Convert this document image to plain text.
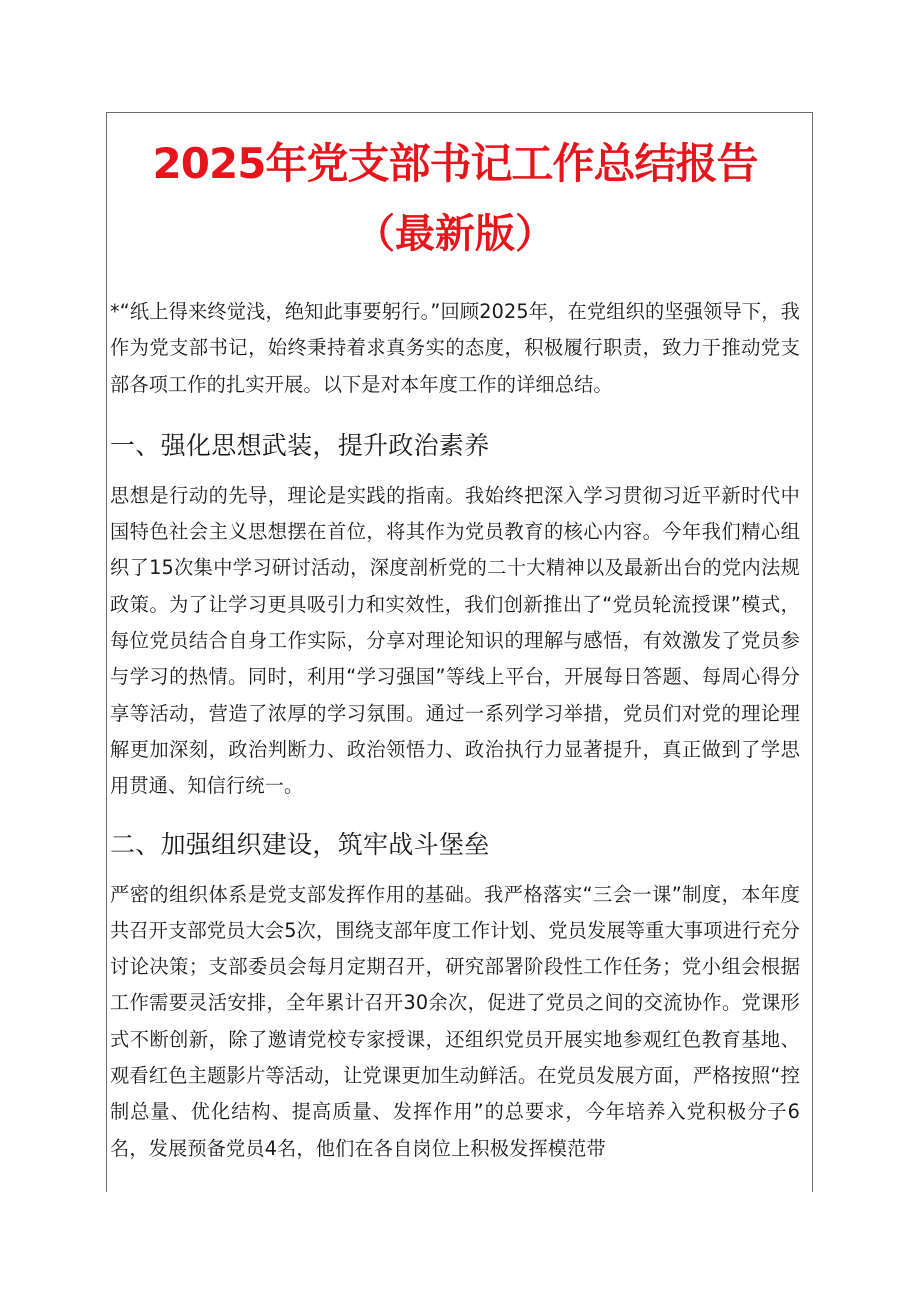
2025年党支部书记工作总结报告
（最新版）

*“纸上得来终觉浅，绝知此事要躬行。”回顾2025年，在党组织的坚强领导下，我作为党支部书记，始终秉持着求真务实的态度，积极履行职责，致力于推动党支部各项工作的扎实开展。以下是对本年度工作的详细总结。

一、强化思想武装，提升政治素养

思想是行动的先导，理论是实践的指南。我始终把深入学习贯彻习近平新时代中国特色社会主义思想摆在首位，将其作为党员教育的核心内容。今年我们精心组织了15次集中学习研讨活动，深度剖析党的二十大精神以及最新出台的党内法规政策。为了让学习更具吸引力和实效性，我们创新推出了“党员轮流授课”模式，每位党员结合自身工作实际，分享对理论知识的理解与感悟，有效激发了党员参与学习的热情。同时，利用“学习强国”等线上平台，开展每日答题、每周心得分享等活动，营造了浓厚的学习氛围。通过一系列学习举措，党员们对党的理论理解更加深刻，政治判断力、政治领悟力、政治执行力显著提升，真正做到了学思用贯通、知信行统一。

二、加强组织建设，筑牢战斗堡垒

严密的组织体系是党支部发挥作用的基础。我严格落实“三会一课”制度，本年度共召开支部党员大会5次，围绕支部年度工作计划、党员发展等重大事项进行充分讨论决策；支部委员会每月定期召开，研究部署阶段性工作任务；党小组会根据工作需要灵活安排，全年累计召开30余次，促进了党员之间的交流协作。党课形式不断创新，除了邀请党校专家授课，还组织党员开展实地参观红色教育基地、观看红色主题影片等活动，让党课更加生动鲜活。在党员发展方面，严格按照“控制总量、优化结构、提高质量、发挥作用”的总要求，今年培养入党积极分子6名，发展预备党员4名，他们在各自岗位上积极发挥模范带
